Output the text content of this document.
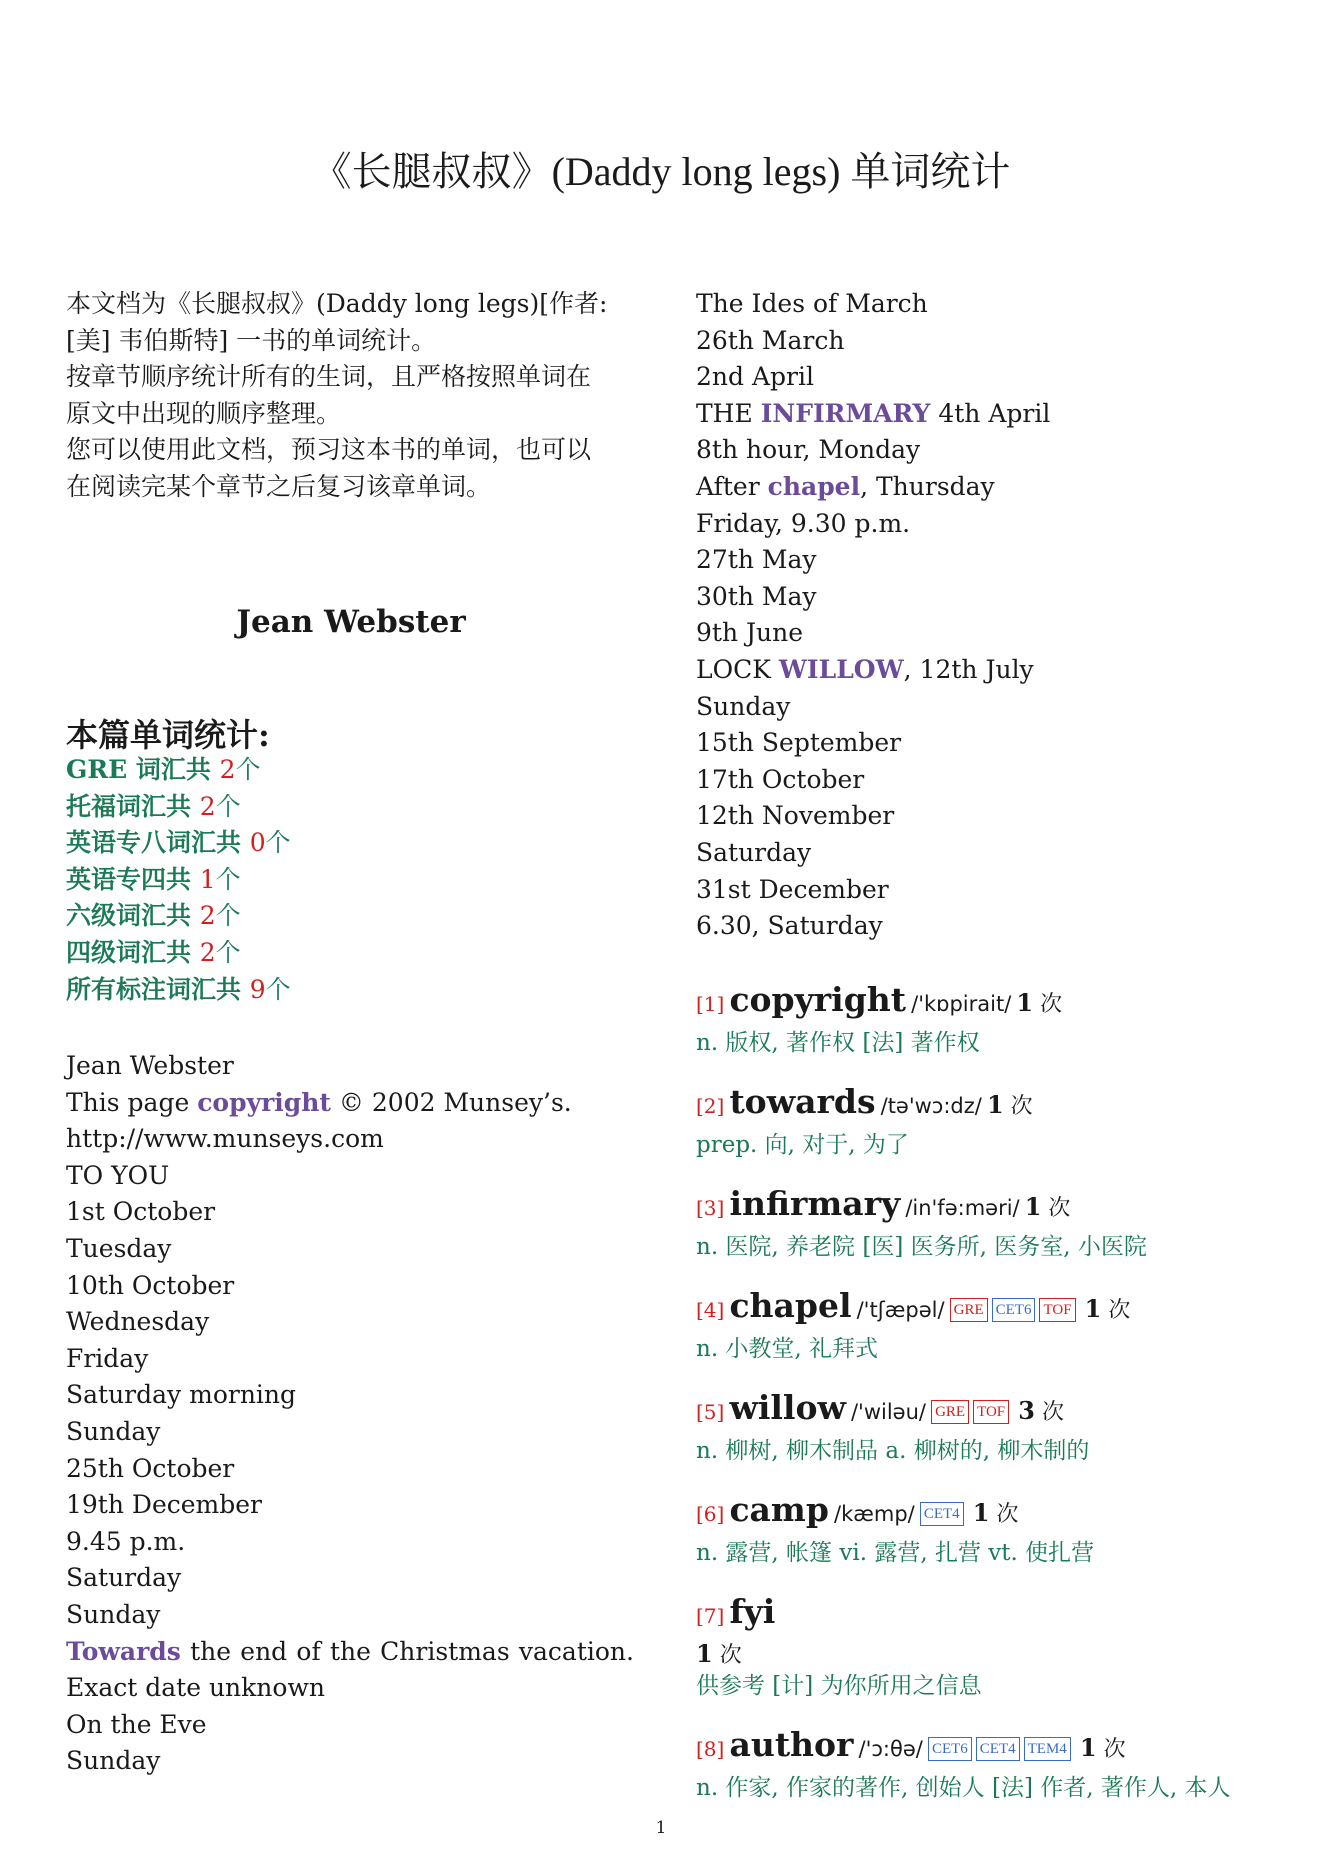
《长腿叔叔》(Daddy long legs) 单词统计
本文档为《长腿叔叔》(Daddy long legs)[作者:
[美] 韦伯斯特] 一书的单词统计。
按章节顺序统计所有的生词，且严格按照单词在
原文中出现的顺序整理。
您可以使用此文档，预习这本书的单词，也可以
在阅读完某个章节之后复习该章单词。
Jean Webster
本篇单词统计:
GRE 词汇共 2个
托福词汇共 2个
英语专八词汇共 0个
英语专四共 1个
六级词汇共 2个
四级词汇共 2个
所有标注词汇共 9个
Jean Webster
This page copyright © 2002 Munsey’s.
http://www.munseys.com
TO YOU
1st October
Tuesday
10th October
Wednesday
Friday
Saturday morning
Sunday
25th October
19th December
9.45 p.m.
Saturday
Sunday
Towards the end of the Christmas vacation.
Exact date unknown
On the Eve
Sunday
The Ides of March
26th March
2nd April
THE INFIRMARY 4th April
8th hour, Monday
After chapel, Thursday
Friday, 9.30 p.m.
27th May
30th May
9th June
LOCK WILLOW, 12th July
Sunday
15th September
17th October
12th November
Saturday
31st December
6.30, Saturday
[1] copyright /'kɒpirait/ 1 次
n. 版权, 著作权 [法] 著作权
[2] towards /tə'wɔ:dz/ 1 次
prep. 向, 对于, 为了
[3] infirmary /in'fə:məri/ 1 次
n. 医院, 养老院 [医] 医务所, 医务室, 小医院
[4] chapel /'tʃæpəl/ GRE CET6 TOF 1 次
n. 小教堂, 礼拜式
[5] willow /'wiləu/ GRE TOF 3 次
n. 柳树, 柳木制品 a. 柳树的, 柳木制的
[6] camp /kæmp/ CET4 1 次
n. 露营, 帐篷 vi. 露营, 扎营 vt. 使扎营
[7] fyi
1 次
供参考 [计] 为你所用之信息
[8] author /'ɔ:θə/ CET6 CET4 TEM4 1 次
n. 作家, 作家的著作, 创始人 [法] 作者, 著作人, 本人
1
